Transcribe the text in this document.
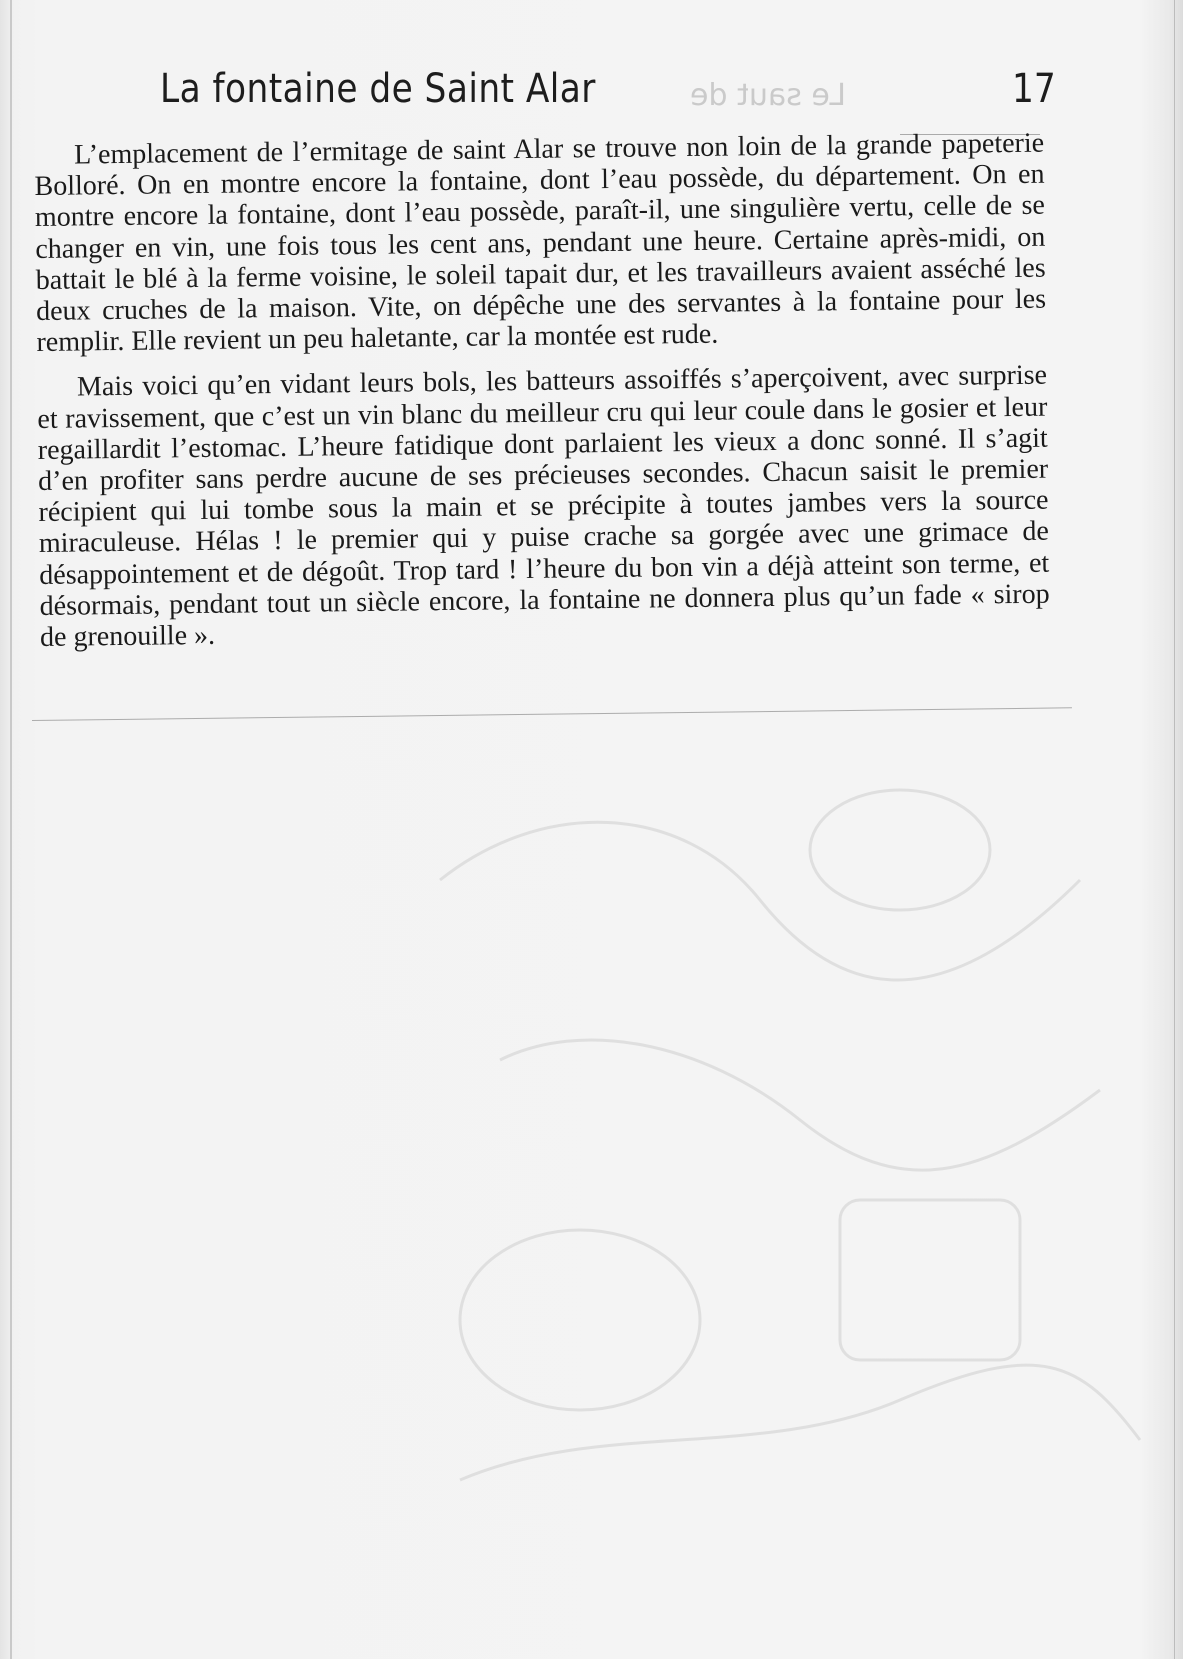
Le saut de
La fontaine de Saint Alar	17

L’emplacement de l’ermitage de saint Alar se trouve non loin de la grande papeterie Bolloré. On en montre encore la fontaine, dont l’eau possède, du département. On en montre encore la fontaine, dont l’eau possède, paraît-il, une singulière vertu, celle de se changer en vin, une fois tous les cent ans, pendant une heure. Certaine après-midi, on battait le blé à la ferme voisine, le soleil tapait dur, et les travailleurs avaient asséché les deux cruches de la maison. Vite, on dépêche une des servantes à la fontaine pour les remplir. Elle revient un peu haletante, car la montée est rude.

Mais voici qu’en vidant leurs bols, les batteurs assoiffés s’aperçoivent, avec surprise et ravissement, que c’est un vin blanc du meilleur cru qui leur coule dans le gosier et leur regaillardit l’estomac. L’heure fatidique dont parlaient les vieux a donc sonné. Il s’agit d’en profiter sans perdre aucune de ses précieuses secondes. Chacun saisit le premier récipient qui lui tombe sous la main et se précipite à toutes jambes vers la source miraculeuse. Hélas ! le premier qui y puise crache sa gorgée avec une grimace de désappointement et de dégoût. Trop tard ! l’heure du bon vin a déjà atteint son terme, et désormais, pendant tout un siècle encore, la fontaine ne donnera plus qu’un fade « sirop de grenouille ».
